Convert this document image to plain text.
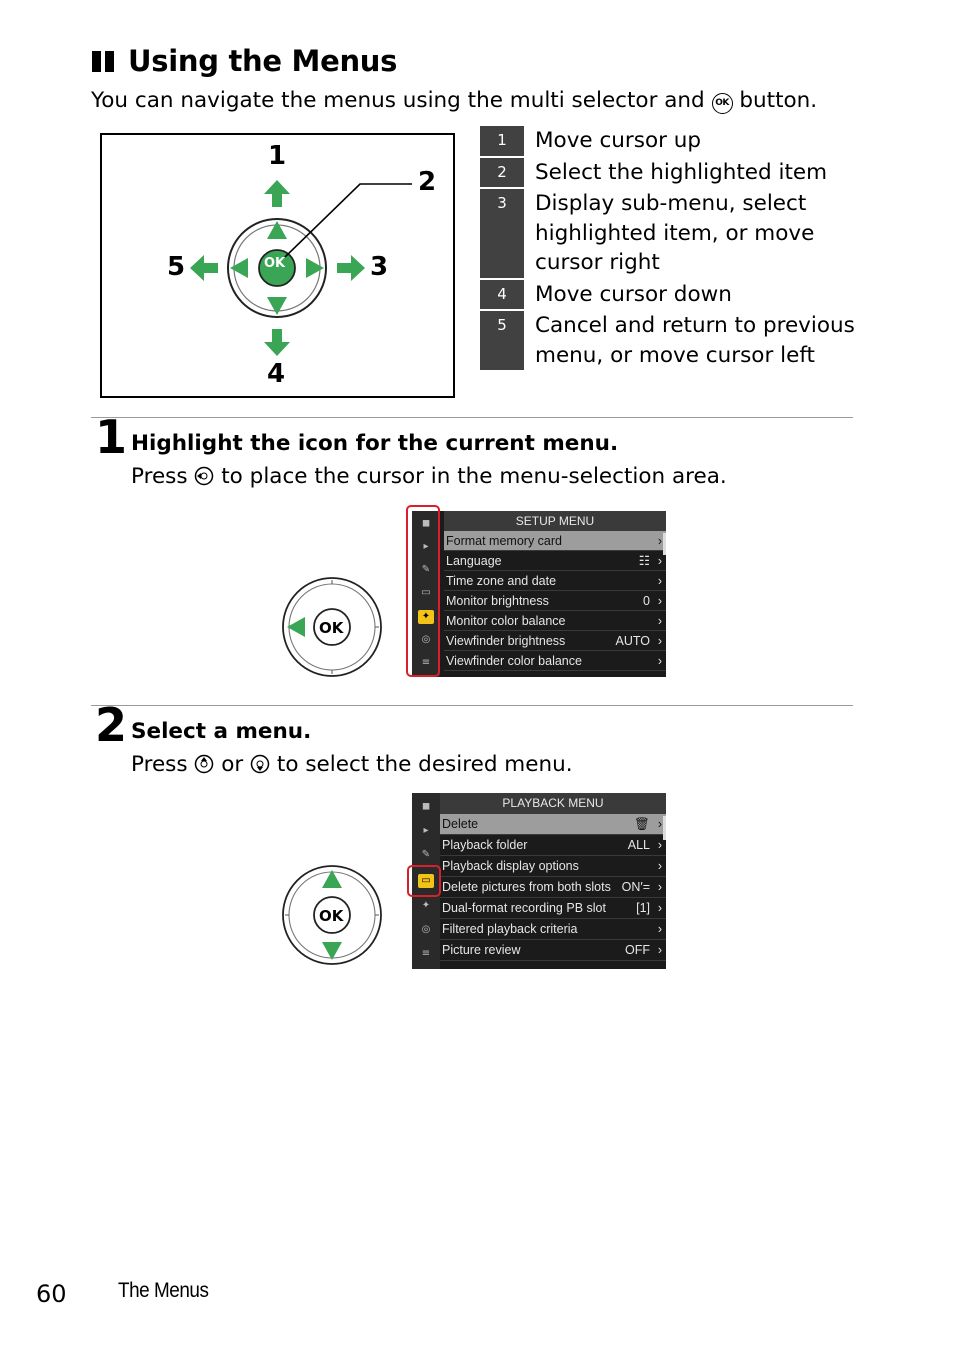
Using the Menus
You can navigate the menus using the multi selector and OK button.
OK
1
2
3
4
5
1	Move cursor up
2	Select the highlighted item
3	Display sub-menu, select
highlighted item, or move
cursor right
4	Move cursor down
5	Cancel and return to previous
menu, or move cursor left
1 Highlight the icon for the current menu.
Press  to place the cursor in the menu-selection area.
OK
◼
▸
✎
▭
✦
◎
≡
SETUP MENU
Format memory card	›
Language	☷ ›
Time zone and date	›
Monitor brightness	0 ›
Monitor color balance	›
Viewfinder brightness	AUTO ›
Viewfinder color balance	›
2 Select a menu.
Press  or  to select the desired menu.
OK
◼
▸
✎
▭
✦
◎
≡
PLAYBACK MENU
Delete	🗑 ›
Playback folder	ALL ›
Playback display options	›
Delete pictures from both slots ON′= ›
Dual-format recording PB slot [1] ›
Filtered playback criteria	›
Picture review	OFF ›
60 The Menus
